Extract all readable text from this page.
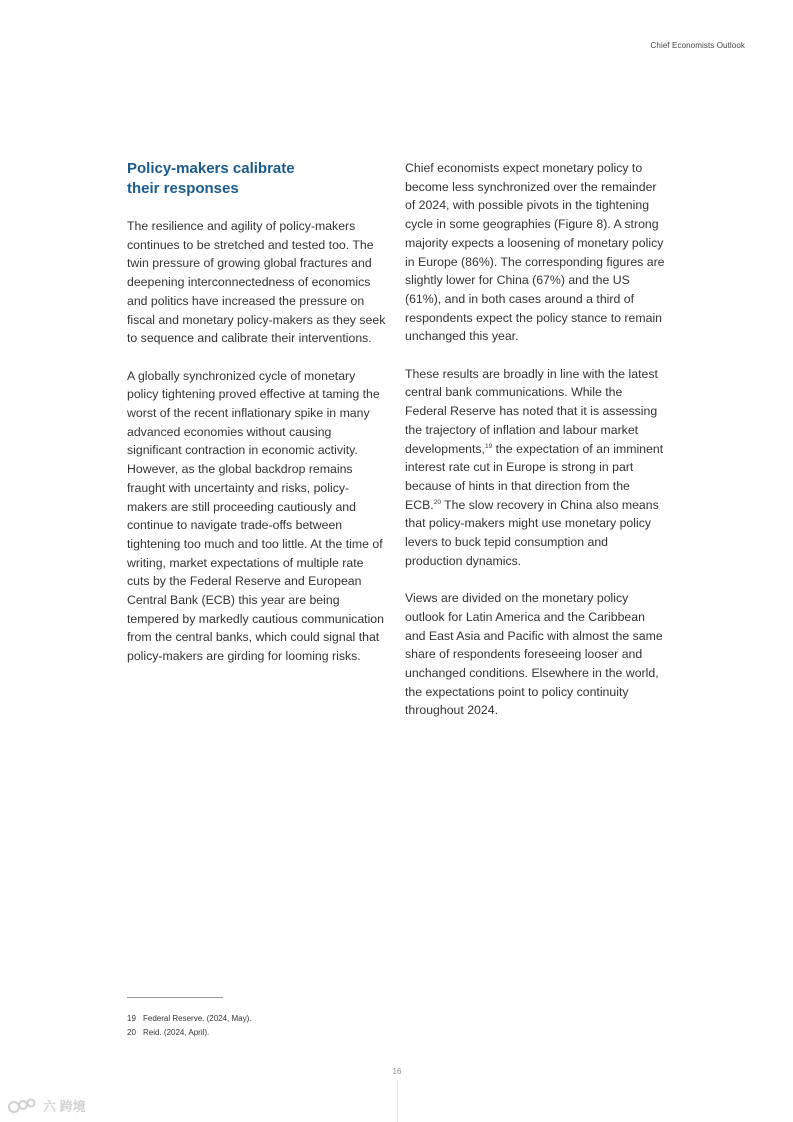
Chief Economists Outlook
Policy-makers calibrate
their responses

The resilience and agility of policy-makers continues to be stretched and tested too. The twin pressure of growing global fractures and deepening interconnectedness of economics and politics have increased the pressure on fiscal and monetary policy-makers as they seek to sequence and calibrate their interventions.

A globally synchronized cycle of monetary policy tightening proved effective at taming the worst of the recent inflationary spike in many advanced economies without causing significant contraction in economic activity. However, as the global backdrop remains fraught with uncertainty and risks, policy-makers are still proceeding cautiously and continue to navigate trade-offs between tightening too much and too little. At the time of writing, market expectations of multiple rate cuts by the Federal Reserve and European Central Bank (ECB) this year are being tempered by markedly cautious communication from the central banks, which could signal that policy-makers are girding for looming risks.

Chief economists expect monetary policy to become less synchronized over the remainder of 2024, with possible pivots in the tightening cycle in some geographies (Figure 8). A strong majority expects a loosening of monetary policy in Europe (86%). The corresponding figures are slightly lower for China (67%) and the US (61%), and in both cases around a third of respondents expect the policy stance to remain unchanged this year.

These results are broadly in line with the latest central bank communications. While the Federal Reserve has noted that it is assessing the trajectory of inflation and labour market developments,$^{19}$ the expectation of an imminent interest rate cut in Europe is strong in part because of hints in that direction from the ECB.$^{20}$ The slow recovery in China also means that policy-makers might use monetary policy levers to buck tepid consumption and production dynamics.

Views are divided on the monetary policy outlook for Latin America and the Caribbean and East Asia and Pacific with almost the same share of respondents foreseeing looser and unchanged conditions. Elsewhere in the world, the expectations point to policy continuity throughout 2024.

19 Federal Reserve. (2024, May).
20 Reid. (2024, April).
16
六 跨境
